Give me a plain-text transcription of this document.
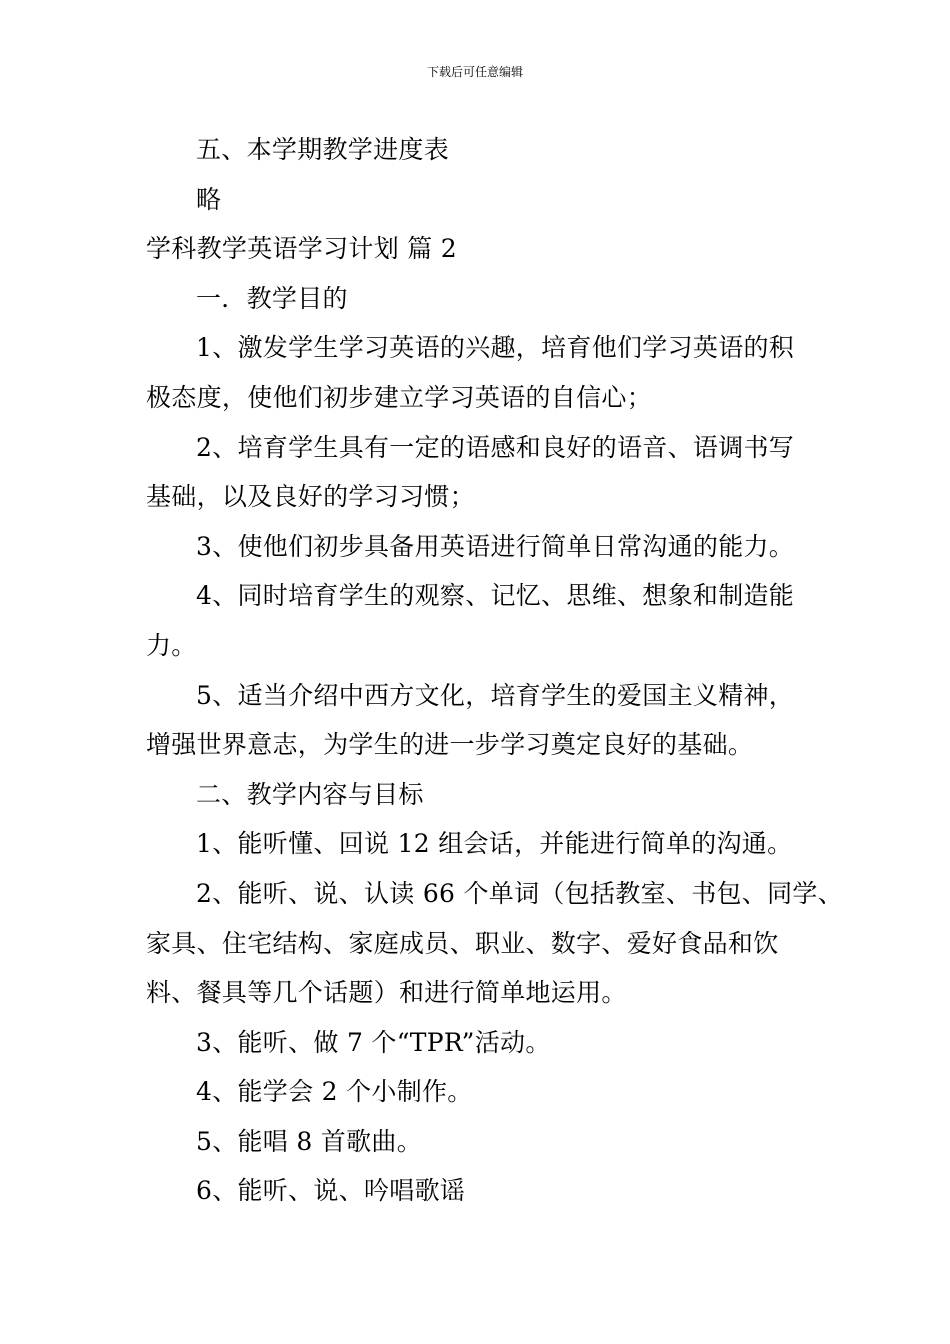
下载后可任意编辑
五、本学期教学进度表
略
学科教学英语学习计划 篇 2
一．教学目的
1、激发学生学习英语的兴趣，培育他们学习英语的积
极态度，使他们初步建立学习英语的自信心；
2、培育学生具有一定的语感和良好的语音、语调书写
基础，以及良好的学习习惯；
3、使他们初步具备用英语进行简单日常沟通的能力。
4、同时培育学生的观察、记忆、思维、想象和制造能
力。
5、适当介绍中西方文化，培育学生的爱国主义精神，
增强世界意志，为学生的进一步学习奠定良好的基础。
二、教学内容与目标
1、能听懂、回说 12 组会话，并能进行简单的沟通。
2、能听、说、认读 66 个单词（包括教室、书包、同学、
家具、住宅结构、家庭成员、职业、数字、爱好食品和饮
料、餐具等几个话题）和进行简单地运用。
3、能听、做 7 个“TPR”活动。
4、能学会 2 个小制作。
5、能唱 8 首歌曲。
6、能听、说、吟唱歌谣
